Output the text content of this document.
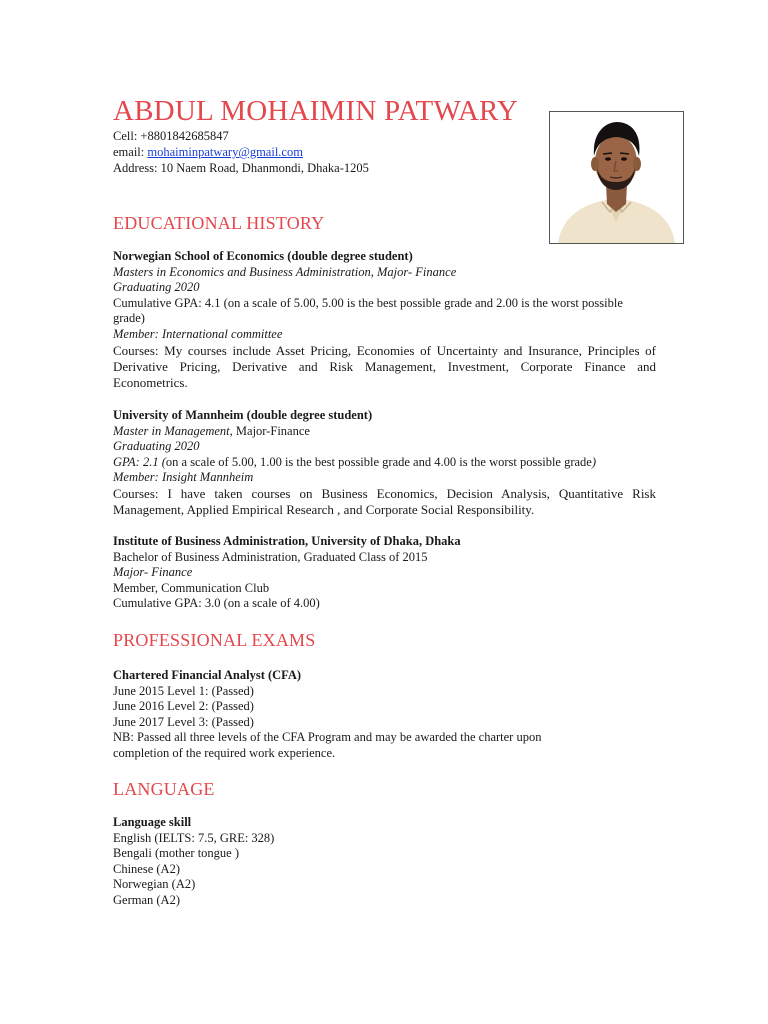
ABDUL MOHAIMIN PATWARY
Cell: +8801842685847
email: mohaiminpatwary@gmail.com
Address: 10 Naem Road, Dhanmondi, Dhaka-1205
EDUCATIONAL HISTORY

Norwegian School of Economics (double degree student)

Masters in Economics and Business Administration, Major- Finance

Graduating 2020

Cumulative GPA: 4.1 (on a scale of 5.00, 5.00 is the best possible grade and 2.00 is the worst possible grade)

Member: International committee

Courses: My courses include Asset Pricing, Economies of Uncertainty and Insurance, Principles of Derivative Pricing, Derivative and Risk Management, Investment, Corporate Finance and Econometrics.

University of Mannheim (double degree student)

Master in Management, Major-Finance

Graduating 2020

GPA: 2.1 (on a scale of 5.00, 1.00 is the best possible grade and 4.00 is the worst possible grade)

Member: Insight Mannheim

Courses: I have taken courses on Business Economics, Decision Analysis, Quantitative Risk Management, Applied Empirical Research , and Corporate Social Responsibility.

Institute of Business Administration, University of Dhaka, Dhaka

Bachelor of Business Administration, Graduated Class of 2015

Major- Finance

Member, Communication Club

Cumulative GPA: 3.0 (on a scale of 4.00)

PROFESSIONAL EXAMS

Chartered Financial Analyst (CFA)

June 2015 Level 1: (Passed)

June 2016 Level 2: (Passed)

June 2017 Level 3: (Passed)

NB: Passed all three levels of the CFA Program and may be awarded the charter upon completion of the required work experience.

LANGUAGE

Language skill

English (IELTS: 7.5, GRE: 328)

Bengali (mother tongue )

Chinese (A2)

Norwegian (A2)

German (A2)
